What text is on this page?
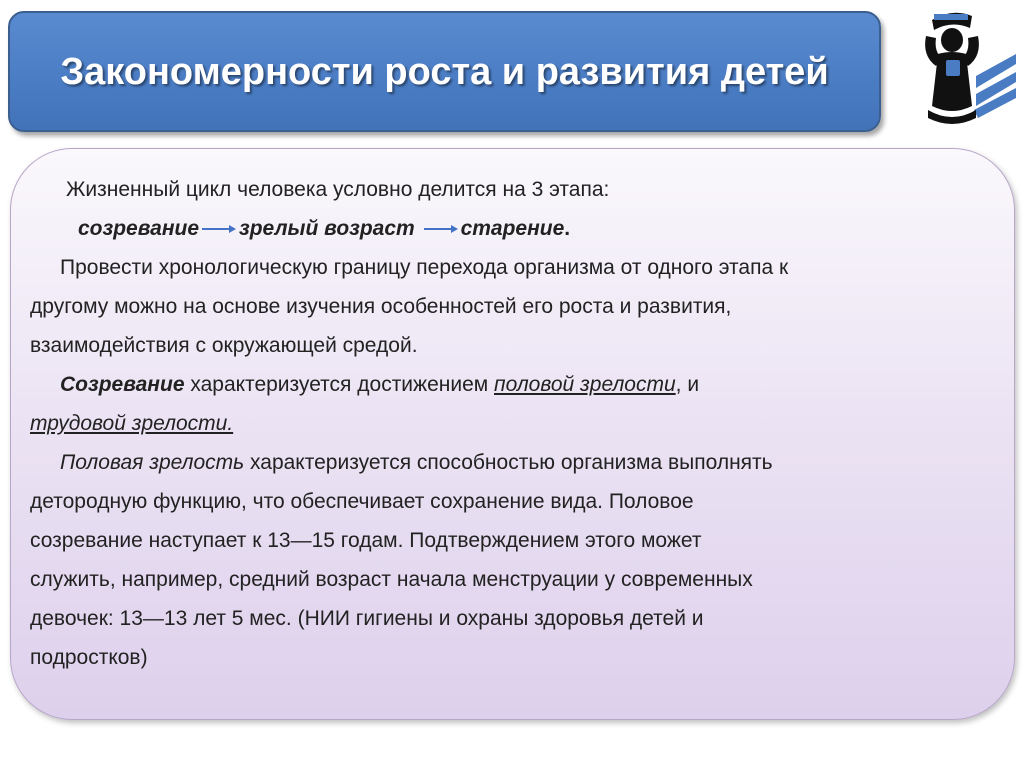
Закономерности роста и развития детей
Жизненный цикл человека условно делится на 3 этапа:
созревание зрелый возраст старение.
Провести хронологическую границу перехода организма от одного этапа к
другому можно на основе изучения особенностей его роста и развития,
взаимодействия с окружающей средой.
Созревание характеризуется достижением половой зрелости, и
трудовой зрелости.
Половая зрелость характеризуется способностью организма выполнять
детородную функцию, что обеспечивает сохранение вида. Половое
созревание наступает к 13—15 годам. Подтверждением этого может
служить, например, средний возраст начала менструации у современных
девочек: 13—13 лет 5 мес. (НИИ гигиены и охраны здоровья детей и
подростков)
